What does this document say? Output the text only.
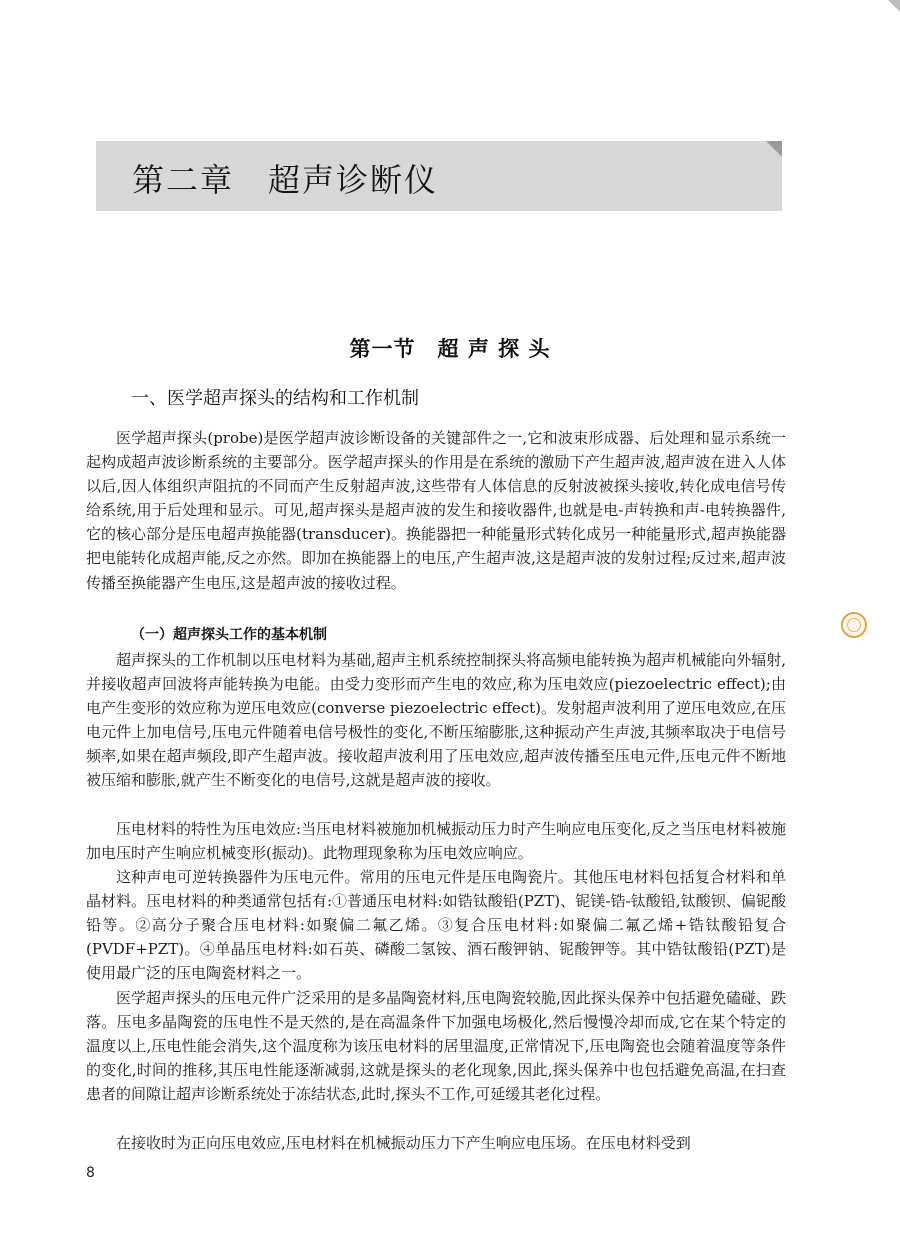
第二章 超声诊断仪
第一节 超 声 探 头
一、医学超声探头的结构和工作机制

医学超声探头(probe)是医学超声波诊断设备的关键部件之一,它和波束形成器、后处理和显示系统一起构成超声波诊断系统的主要部分。医学超声探头的作用是在系统的激励下产生超声波,超声波在进入人体以后,因人体组织声阻抗的不同而产生反射超声波,这些带有人体信息的反射波被探头接收,转化成电信号传给系统,用于后处理和显示。可见,超声探头是超声波的发生和接收器件,也就是电-声转换和声-电转换器件,它的核心部分是压电超声换能器(transducer)。换能器把一种能量形式转化成另一种能量形式,超声换能器把电能转化成超声能,反之亦然。即加在换能器上的电压,产生超声波,这是超声波的发射过程;反过来,超声波传播至换能器产生电压,这是超声波的接收过程。

（一）超声探头工作的基本机制

超声探头的工作机制以压电材料为基础,超声主机系统控制探头将高频电能转换为超声机械能向外辐射,并接收超声回波将声能转换为电能。由受力变形而产生电的效应,称为压电效应(piezoelectric effect);由电产生变形的效应称为逆压电效应(converse piezoelectric effect)。发射超声波利用了逆压电效应,在压电元件上加电信号,压电元件随着电信号极性的变化,不断压缩膨胀,这种振动产生声波,其频率取决于电信号频率,如果在超声频段,即产生超声波。接收超声波利用了压电效应,超声波传播至压电元件,压电元件不断地被压缩和膨胀,就产生不断变化的电信号,这就是超声波的接收。

压电材料的特性为压电效应:当压电材料被施加机械振动压力时产生响应电压变化,反之当压电材料被施加电压时产生响应机械变形(振动)。此物理现象称为压电效应响应。

这种声电可逆转换器件为压电元件。常用的压电元件是压电陶瓷片。其他压电材料包括复合材料和单晶材料。压电材料的种类通常包括有:①普通压电材料:如锆钛酸铅(PZT)、铌镁-锆-钛酸铅,钛酸钡、偏铌酸铅等。②高分子聚合压电材料:如聚偏二氟乙烯。③复合压电材料:如聚偏二氟乙烯+锆钛酸铅复合(PVDF+PZT)。④单晶压电材料:如石英、磷酸二氢铵、酒石酸钾钠、铌酸钾等。其中锆钛酸铅(PZT)是使用最广泛的压电陶瓷材料之一。

医学超声探头的压电元件广泛采用的是多晶陶瓷材料,压电陶瓷较脆,因此探头保养中包括避免磕碰、跌落。压电多晶陶瓷的压电性不是天然的,是在高温条件下加强电场极化,然后慢慢冷却而成,它在某个特定的温度以上,压电性能会消失,这个温度称为该压电材料的居里温度,正常情况下,压电陶瓷也会随着温度等条件的变化,时间的推移,其压电性能逐渐减弱,这就是探头的老化现象,因此,探头保养中也包括避免高温,在扫查患者的间隙让超声诊断系统处于冻结状态,此时,探头不工作,可延缓其老化过程。

在接收时为正向压电效应,压电材料在机械振动压力下产生响应电压场。在压电材料受到

8
